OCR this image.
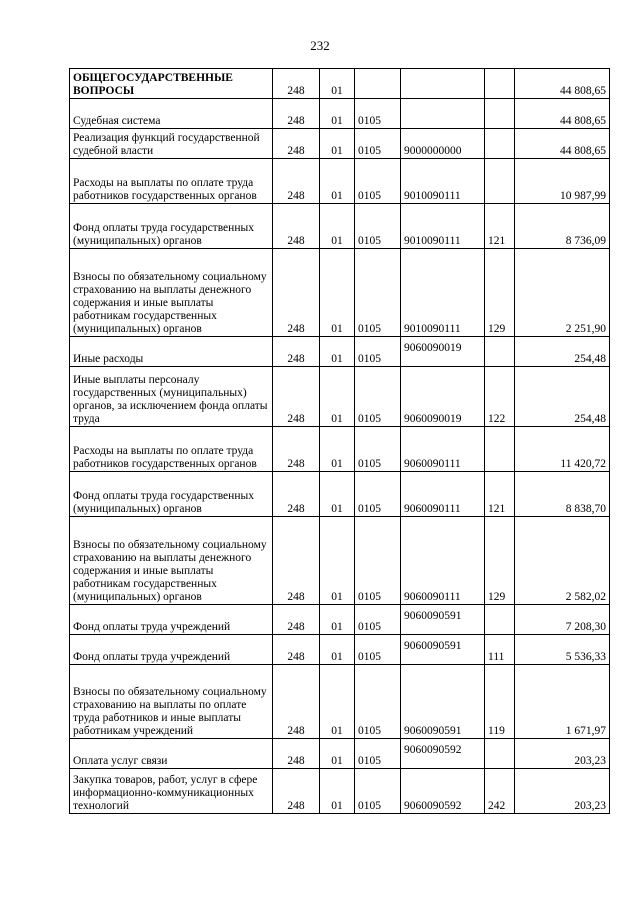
232
ОБЩЕГОСУДАРСТВЕННЫЕ ВОПРОСЫ	248	01				44 808,65
Судебная система	248	01	0105			44 808,65
Реализация функций государственной судебной власти	248	01	0105	9000000000		44 808,65
Расходы на выплаты по оплате труда работников государственных органов	248	01	0105	9010090111		10 987,99
Фонд оплаты труда государственных (муниципальных) органов	248	01	0105	9010090111	121	8 736,09
Взносы по обязательному социальному страхованию на выплаты денежного содержания и иные выплаты работникам государственных (муниципальных) органов	248	01	0105	9010090111	129	2 251,90
Иные расходы	248	01	0105	9060090019		254,48
Иные выплаты персоналу государственных (муниципальных) органов, за исключением фонда оплаты труда	248	01	0105	9060090019	122	254,48
Расходы на выплаты по оплате труда работников государственных органов	248	01	0105	9060090111		11 420,72
Фонд оплаты труда государственных (муниципальных) органов	248	01	0105	9060090111	121	8 838,70
Взносы по обязательному социальному страхованию на выплаты денежного содержания и иные выплаты работникам государственных (муниципальных) органов	248	01	0105	9060090111	129	2 582,02
Фонд оплаты труда учреждений	248	01	0105	9060090591		7 208,30
Фонд оплаты труда учреждений	248	01	0105	9060090591	111	5 536,33
Взносы по обязательному социальному страхованию на выплаты по оплате труда работников и иные выплаты работникам учреждений	248	01	0105	9060090591	119	1 671,97
Оплата услуг связи	248	01	0105	9060090592		203,23
Закупка товаров, работ, услуг в сфере информационно-коммуникационных технологий	248	01	0105	9060090592	242	203,23
